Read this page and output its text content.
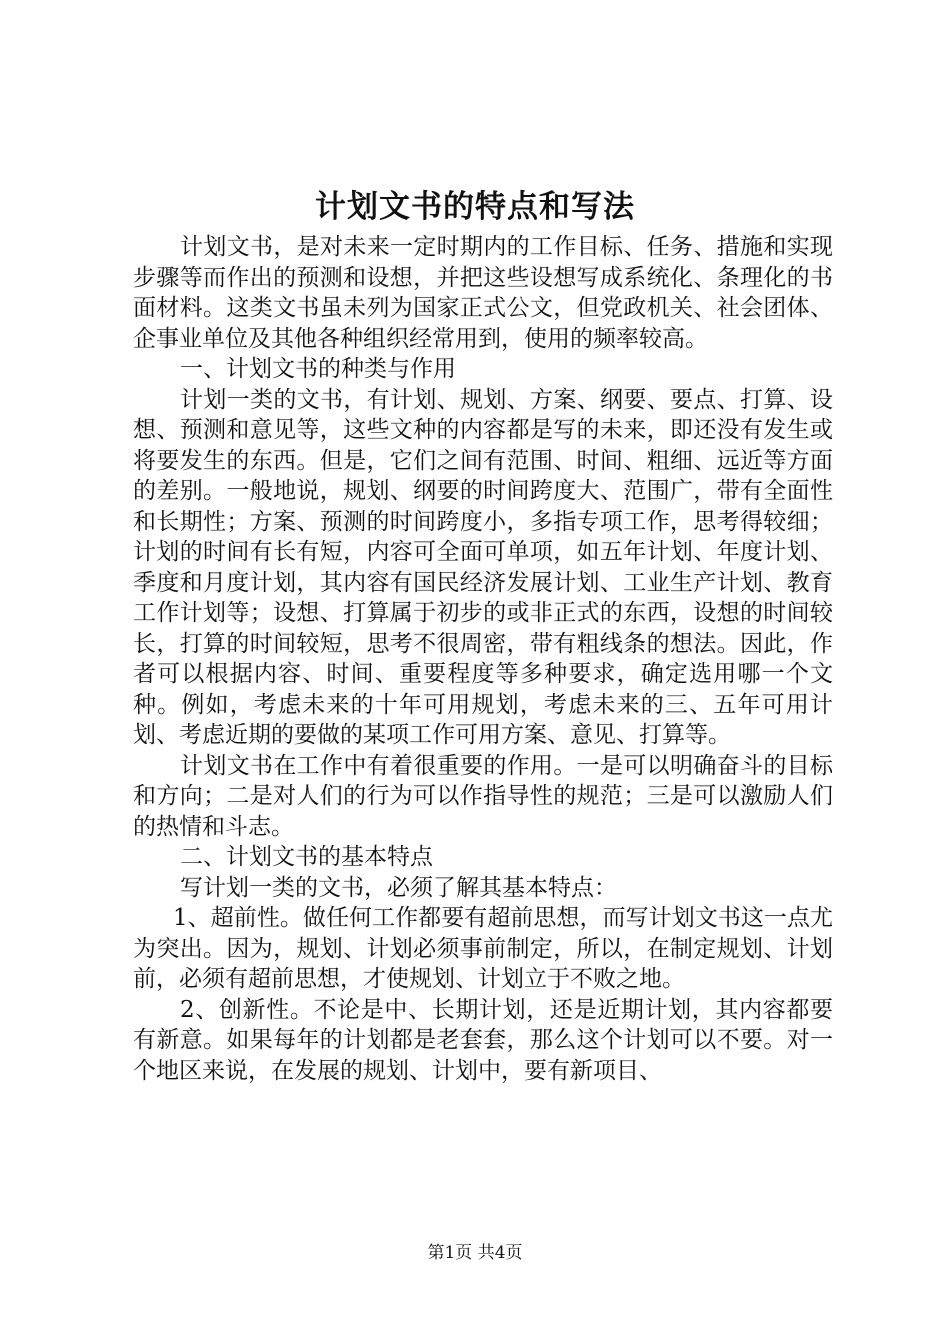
计划文书的特点和写法

计划文书，是对未来一定时期内的工作目标、任务、措施和实现步骤等而作出的预测和设想，并把这些设想写成系统化、条理化的书面材料。这类文书虽未列为国家正式公文，但党政机关、社会团体、企事业单位及其他各种组织经常用到，使用的频率较高。

一、计划文书的种类与作用

计划一类的文书，有计划、规划、方案、纲要、要点、打算、设想、预测和意见等，这些文种的内容都是写的未来，即还没有发生或将要发生的东西。但是，它们之间有范围、时间、粗细、远近等方面的差别。一般地说，规划、纲要的时间跨度大、范围广，带有全面性和长期性；方案、预测的时间跨度小，多指专项工作，思考得较细；计划的时间有长有短，内容可全面可单项，如五年计划、年度计划、季度和月度计划，其内容有国民经济发展计划、工业生产计划、教育工作计划等；设想、打算属于初步的或非正式的东西，设想的时间较长，打算的时间较短，思考不很周密，带有粗线条的想法。因此，作者可以根据内容、时间、重要程度等多种要求，确定选用哪一个文种。例如，考虑未来的十年可用规划，考虑未来的三、五年可用计划、考虑近期的要做的某项工作可用方案、意见、打算等。

计划文书在工作中有着很重要的作用。一是可以明确奋斗的目标和方向；二是对人们的行为可以作指导性的规范；三是可以激励人们的热情和斗志。

二、计划文书的基本特点

写计划一类的文书，必须了解其基本特点：

1、超前性。做任何工作都要有超前思想，而写计划文书这一点尤为突出。因为，规划、计划必须事前制定，所以，在制定规划、计划前，必须有超前思想，才使规划、计划立于不败之地。

2、创新性。不论是中、长期计划，还是近期计划，其内容都要有新意。如果每年的计划都是老套套，那么这个计划可以不要。对一个地区来说，在发展的规划、计划中，要有新项目、

第1页 共4页
